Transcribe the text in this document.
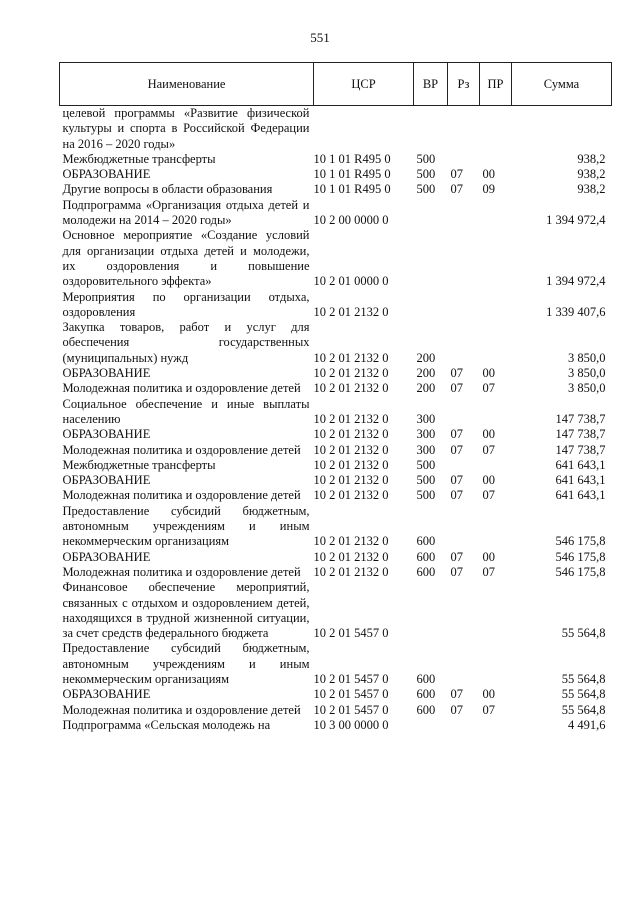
551
Наименование	ЦСР	ВР	Рз	ПР	Сумма
целевой программы «Развитие физической культуры и спорта в Российской Федерации на 2016 – 2020 годы»					
Межбюджетные трансферты	10 1 01 R495 0	500			938,2
ОБРАЗОВАНИЕ	10 1 01 R495 0	500	07	00	938,2
Другие вопросы в области образования	10 1 01 R495 0	500	07	09	938,2
Подпрограмма «Организация отдыха детей и молодежи на 2014 – 2020 годы»	10 2 00 0000 0				1 394 972,4
Основное мероприятие «Создание условий для организации отдыха детей и молодежи, их оздоровления и повышение оздоровительного эффекта»	10 2 01 0000 0				1 394 972,4
Мероприятия по организации отдыха, оздоровления	10 2 01 2132 0				1 339 407,6
Закупка товаров, работ и услуг для обеспечения государственных (муниципальных) нужд	10 2 01 2132 0	200			3 850,0
ОБРАЗОВАНИЕ	10 2 01 2132 0	200	07	00	3 850,0
Молодежная политика и оздоровление детей	10 2 01 2132 0	200	07	07	3 850,0
Социальное обеспечение и иные выплаты населению	10 2 01 2132 0	300			147 738,7
ОБРАЗОВАНИЕ	10 2 01 2132 0	300	07	00	147 738,7
Молодежная политика и оздоровление детей	10 2 01 2132 0	300	07	07	147 738,7
Межбюджетные трансферты	10 2 01 2132 0	500			641 643,1
ОБРАЗОВАНИЕ	10 2 01 2132 0	500	07	00	641 643,1
Молодежная политика и оздоровление детей	10 2 01 2132 0	500	07	07	641 643,1
Предоставление субсидий бюджетным, автономным учреждениям и иным некоммерческим организациям	10 2 01 2132 0	600			546 175,8
ОБРАЗОВАНИЕ	10 2 01 2132 0	600	07	00	546 175,8
Молодежная политика и оздоровление детей	10 2 01 2132 0	600	07	07	546 175,8
Финансовое обеспечение мероприятий, связанных с отдыхом и оздоровлением детей, находящихся в трудной жизненной ситуации, за счет средств федерального бюджета	10 2 01 5457 0				55 564,8
Предоставление субсидий бюджетным, автономным учреждениям и иным некоммерческим организациям	10 2 01 5457 0	600			55 564,8
ОБРАЗОВАНИЕ	10 2 01 5457 0	600	07	00	55 564,8
Молодежная политика и оздоровление детей	10 2 01 5457 0	600	07	07	55 564,8
Подпрограмма «Сельская молодежь на	10 3 00 0000 0				4 491,6
